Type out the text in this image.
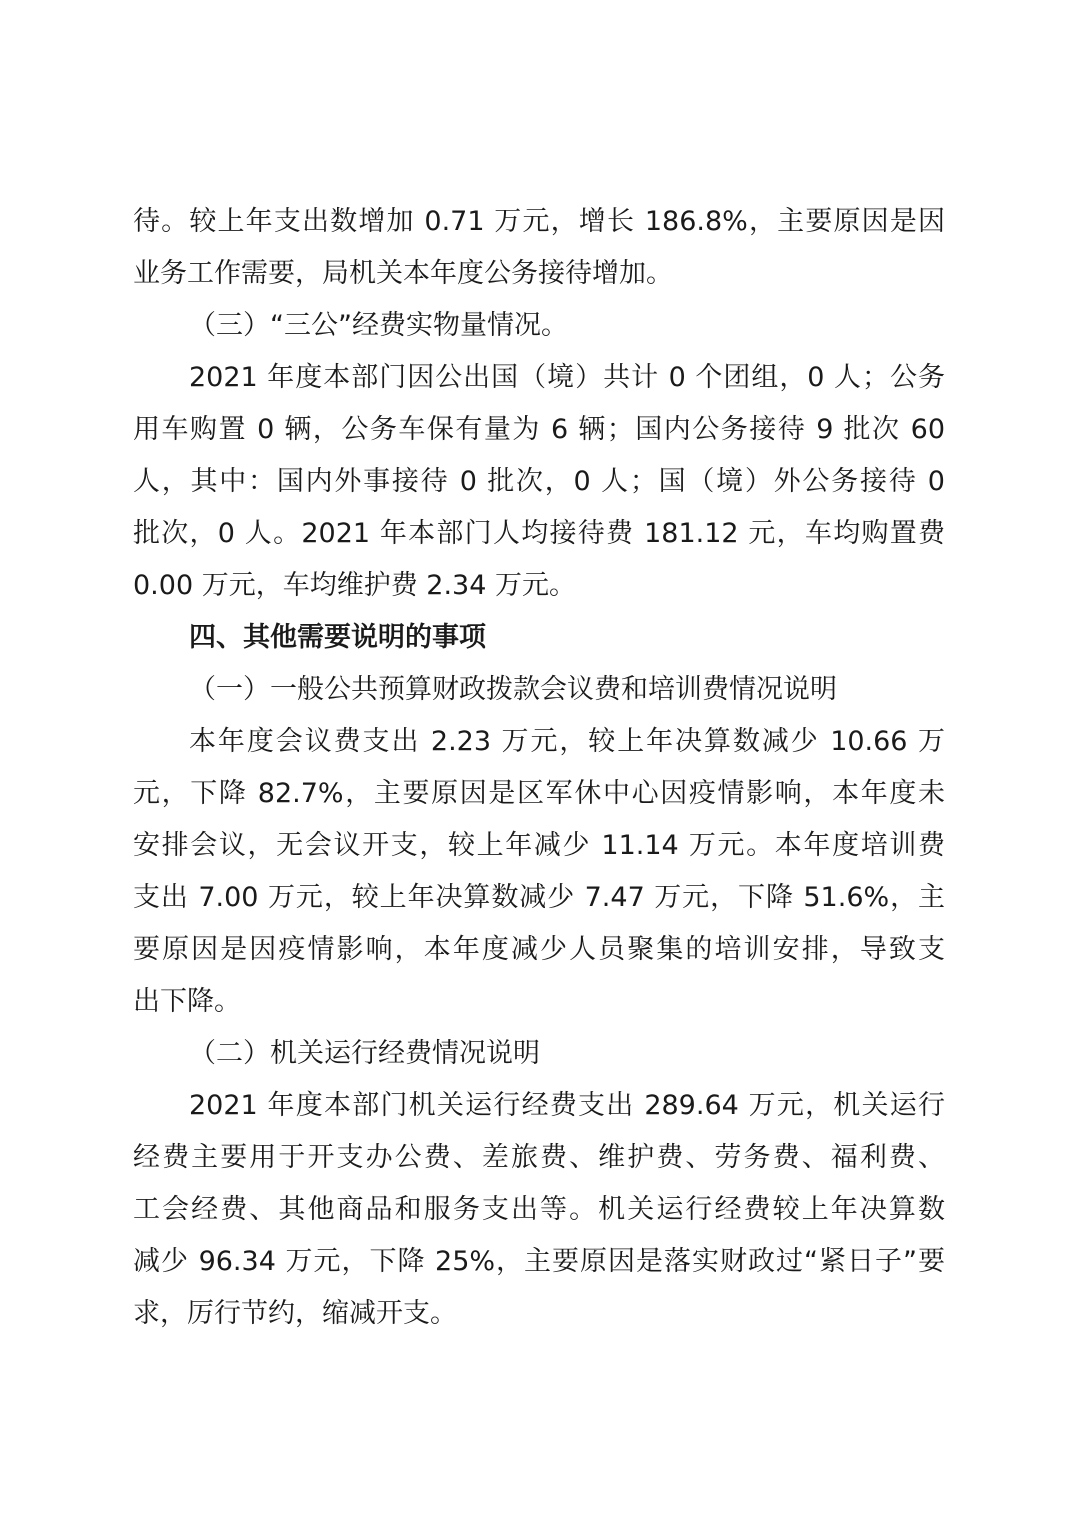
待。较上年支出数增加 0.71 万元，增长 186.8%，主要原因是因
业务工作需要，局机关本年度公务接待增加。
（三）“三公”经费实物量情况。
2021 年度本部门因公出国（境）共计 0 个团组，0 人；公务
用车购置 0 辆，公务车保有量为 6 辆；国内公务接待 9 批次 60
人，其中：国内外事接待 0 批次，0 人；国（境）外公务接待 0
批次，0 人。2021 年本部门人均接待费 181.12 元，车均购置费
0.00 万元，车均维护费 2.34 万元。
四、其他需要说明的事项
（一）一般公共预算财政拨款会议费和培训费情况说明
本年度会议费支出 2.23 万元，较上年决算数减少 10.66 万
元，下降 82.7%，主要原因是区军休中心因疫情影响，本年度未
安排会议，无会议开支，较上年减少 11.14 万元。本年度培训费
支出 7.00 万元，较上年决算数减少 7.47 万元，下降 51.6%，主
要原因是因疫情影响，本年度减少人员聚集的培训安排，导致支
出下降。
（二）机关运行经费情况说明
2021 年度本部门机关运行经费支出 289.64 万元，机关运行
经费主要用于开支办公费、差旅费、维护费、劳务费、福利费、
工会经费、其他商品和服务支出等。机关运行经费较上年决算数
减少 96.34 万元，下降 25%，主要原因是落实财政过“紧日子”要
求，厉行节约，缩减开支。
